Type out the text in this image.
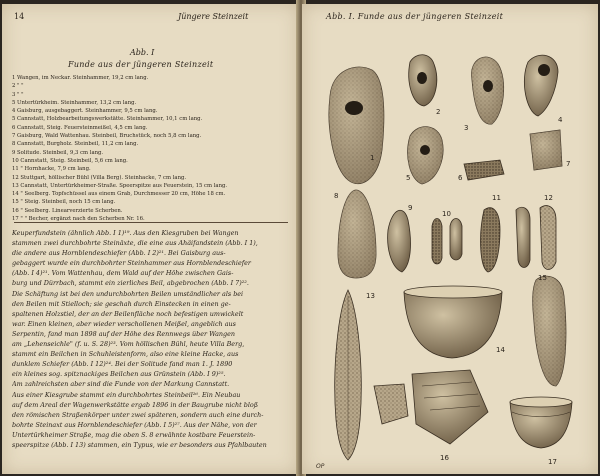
14	Jüngere Steinzeit
Abb. I
Funde aus der jüngeren Steinzeit
1 Wangen, im Neckar. Steinhammer, 19,2 cm lang.
2 " "
3 " "
5 Untertürkheim. Steinhammer, 13,2 cm lang.
4 Gaisburg, ausgebaggert. Steinhammer, 9,5 cm lang.
5 Cannstatt, Holzbearbeitungswerkstätte. Steinhammer, 10,1 cm lang.
6 Cannstatt, Steig. Feuersteinmeißel, 4,5 cm lang.
7 Gaisburg, Wald Wattenhau. Steinbeil, Bruchstück, noch 5,8 cm lang.
8 Cannstatt, Burgholz. Steinbeil, 11,2 cm lang.
9 Solitude. Steinbeil, 9,3 cm lang.
10 Cannstatt, Steig. Steinbeil, 5,6 cm lang.
11 " Hornhacke, 7,9 cm lang.
12 Stuttgart, höllischer Bühl (Villa Berg). Steinhacke, 7 cm lang.
13 Cannstatt, Untertürkheimer-Straße. Speerspitze aus Feuerstein, 15 cm lang.
14 " Seelberg. Topfschüssel aus einem Grab, Durchmesser 20 cm, Höhe 18 cm.
15 " Steig. Steinbeil, noch 15 cm lang.
16 " Seelberg. Linearverzierte Scherben.
17 " " Becher, ergänzt nach den Scherben Nr. 16.
Keuperfundstein (ähnlich Abb. I 1)¹⁹. Aus den Kiesgruben bei Wangen
stammen zwei durchbohrte Steinäxte, die eine aus Ahäifandstein (Abb. I 1),
die andere aus Hornblendeschiefer (Abb. I 2)²¹. Bei Gaisburg aus-
gebaggert wurde ein durchbohrter Steinhammer aus Hornblendeschiefer
(Abb. I 4)²¹. Vom Wattenhau, dem Wald auf der Höhe zwischen Gais-
burg und Dürrbach, stammt ein zierliches Beil, abgebrochen (Abb. I 7)²².
Die Schäftung ist bei den undurchbohrten Beilen umständlicher als bei
den Beilen mit Stielloch; sie geschah durch Einstecken in einen ge-
spaltenen Holzstiel, der an der Beilenfläche noch befestigen umwickelt
war. Einen kleinen, aber wieder verschollenen Meißel, angeblich aus
Serpentin, fand man 1898 auf der Höhe des Rennwegs über Wangen
am „Lehenseichle" (f. u. S. 28)²³. Vom höllischen Bühl, heute Villa Berg,
stammt ein Beilchen in Schuhleistenform, also eine kleine Hacke, aus
dunklem Schiefer (Abb. I 12)²⁴. Bei der Solitude fand man 1. J. 1890
ein kleines sog. spitznackiges Beilchen aus Grünstein (Abb. I 9)²⁵.
Am zahlreichsten aber sind die Funde von der Markung Cannstatt.
Aus einer Kiesgrube stammt ein durchbohrtes Steinbeil²⁶. Ein Neubau
auf dem Areal der Wagenwerkstätte ergab 1896 in der Baugrube nicht bloß
den römischen Straßenkörper unter zwei späteren, sondern auch eine durch-
bohrte Steinaxt aus Hornblendeschiefer (Abb. I 5)²⁷. Aus der Nähe, von der
Untertürkheimer Straße, mag die oben S. 8 erwähnte kostbare Feuerstein-
speerspitze (Abb. I 13) stammen, ein Typus, wie er besonders aus Pfahlbauten
Abb. I. Funde aus der jüngeren Steinzeit
1
2
3
4
5	6
7
8
9
10
11	12
13
14
15
16	17
OP
